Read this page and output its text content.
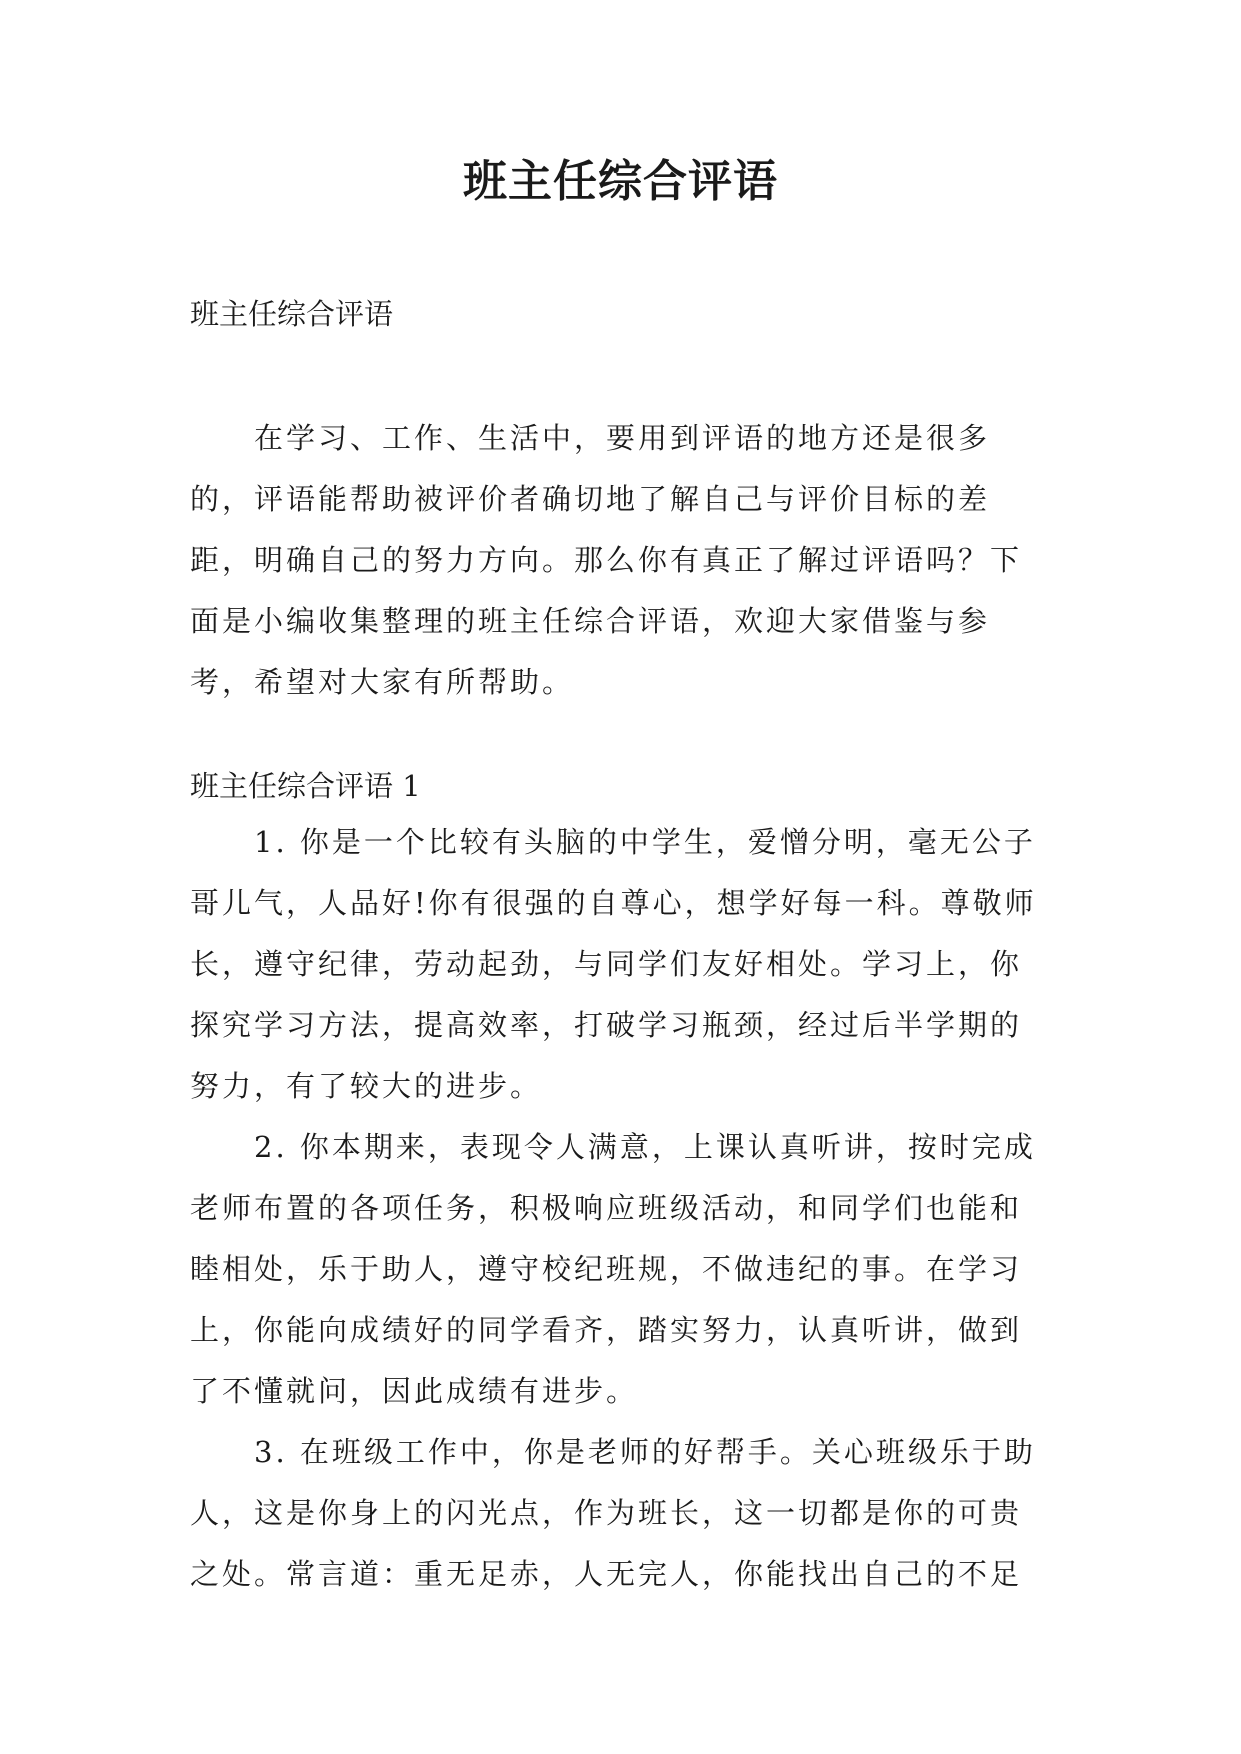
班主任综合评语

班主任综合评语

在学习、工作、生活中，要用到评语的地方还是很多的，评语能帮助被评价者确切地了解自己与评价目标的差距，明确自己的努力方向。那么你有真正了解过评语吗？下面是小编收集整理的班主任综合评语，欢迎大家借鉴与参考，希望对大家有所帮助。

班主任综合评语 1

1. 你是一个比较有头脑的中学生，爱憎分明，毫无公子哥儿气，人品好!你有很强的自尊心，想学好每一科。尊敬师长，遵守纪律，劳动起劲，与同学们友好相处。学习上，你探究学习方法，提高效率，打破学习瓶颈，经过后半学期的努力，有了较大的进步。

2. 你本期来，表现令人满意，上课认真听讲，按时完成老师布置的各项任务，积极响应班级活动，和同学们也能和睦相处，乐于助人，遵守校纪班规，不做违纪的事。在学习上，你能向成绩好的同学看齐，踏实努力，认真听讲，做到了不懂就问，因此成绩有进步。

3. 在班级工作中，你是老师的好帮手。关心班级乐于助人，这是你身上的闪光点，作为班长，这一切都是你的可贵之处。常言道：重无足赤，人无完人，你能找出自己的不足
